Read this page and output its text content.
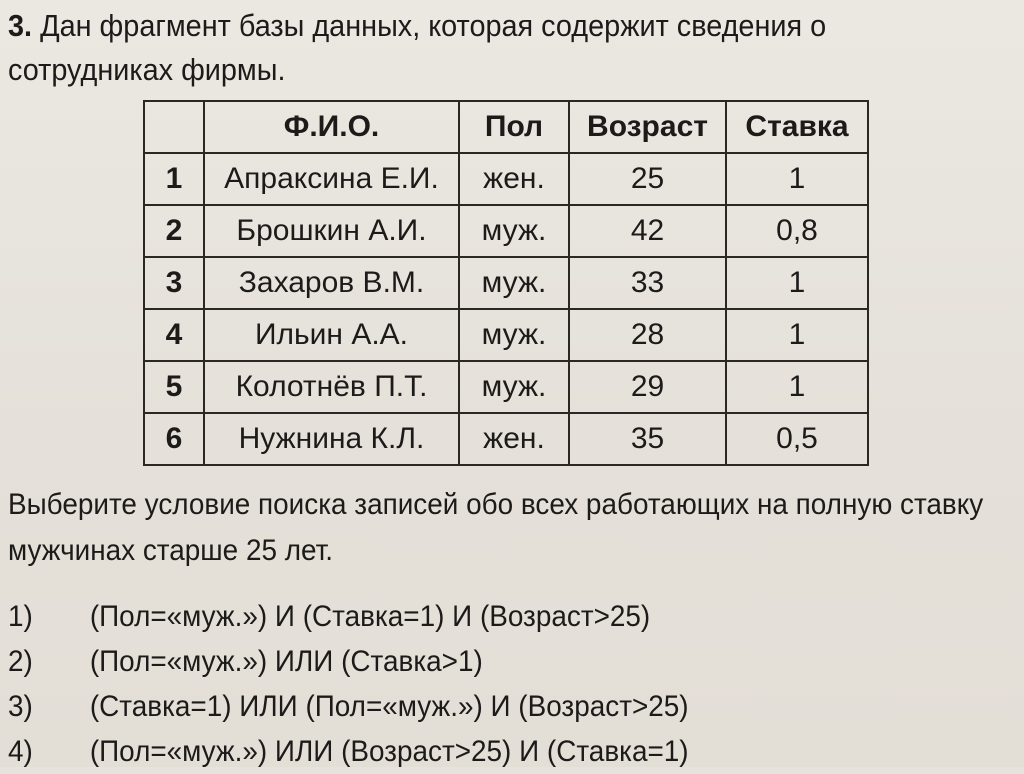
3. Дан фрагмент базы данных, которая содержит сведения о сотрудниках фирмы.
	Ф.И.О.	Пол	Возраст	Ставка
1	Апраксина Е.И.	жен.	25	1
2	Брошкин А.И.	муж.	42	0,8
3	Захаров В.М.	муж.	33	1
4	Ильин А.А.	муж.	28	1
5	Колотнёв П.Т.	муж.	29	1
6	Нужнина К.Л.	жен.	35	0,5
Выберите условие поиска записей обо всех работающих на полную ставку
мужчинах старше 25 лет.
1)	(Пол=«муж.») И (Ставка=1) И (Возраст>25)
2)	(Пол=«муж.») ИЛИ (Ставка>1)
3)	(Ставка=1) ИЛИ (Пол=«муж.») И (Возраст>25)
4)	(Пол=«муж.») ИЛИ (Возраст>25) И (Ставка=1)
